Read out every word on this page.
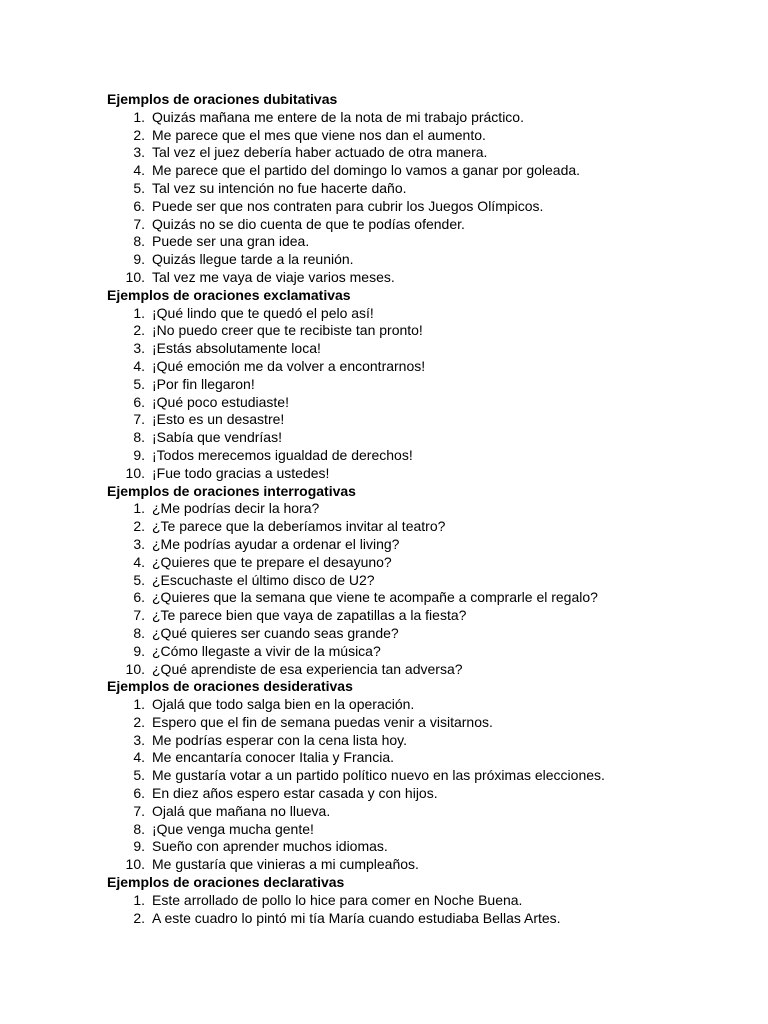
Ejemplos de oraciones dubitativas
1. Quizás mañana me entere de la nota de mi trabajo práctico.
2. Me parece que el mes que viene nos dan el aumento.
3. Tal vez el juez debería haber actuado de otra manera.
4. Me parece que el partido del domingo lo vamos a ganar por goleada.
5. Tal vez su intención no fue hacerte daño.
6. Puede ser que nos contraten para cubrir los Juegos Olímpicos.
7. Quizás no se dio cuenta de que te podías ofender.
8. Puede ser una gran idea.
9. Quizás llegue tarde a la reunión.
10. Tal vez me vaya de viaje varios meses.
Ejemplos de oraciones exclamativas
1. ¡Qué lindo que te quedó el pelo así!
2. ¡No puedo creer que te recibiste tan pronto!
3. ¡Estás absolutamente loca!
4. ¡Qué emoción me da volver a encontrarnos!
5. ¡Por fin llegaron!
6. ¡Qué poco estudiaste!
7. ¡Esto es un desastre!
8. ¡Sabía que vendrías!
9. ¡Todos merecemos igualdad de derechos!
10. ¡Fue todo gracias a ustedes!
Ejemplos de oraciones interrogativas
1. ¿Me podrías decir la hora?
2. ¿Te parece que la deberíamos invitar al teatro?
3. ¿Me podrías ayudar a ordenar el living?
4. ¿Quieres que te prepare el desayuno?
5. ¿Escuchaste el último disco de U2?
6. ¿Quieres que la semana que viene te acompañe a comprarle el regalo?
7. ¿Te parece bien que vaya de zapatillas a la fiesta?
8. ¿Qué quieres ser cuando seas grande?
9. ¿Cómo llegaste a vivir de la música?
10. ¿Qué aprendiste de esa experiencia tan adversa?
Ejemplos de oraciones desiderativas
1. Ojalá que todo salga bien en la operación.
2. Espero que el fin de semana puedas venir a visitarnos.
3. Me podrías esperar con la cena lista hoy.
4. Me encantaría conocer Italia y Francia.
5. Me gustaría votar a un partido político nuevo en las próximas elecciones.
6. En diez años espero estar casada y con hijos.
7. Ojalá que mañana no llueva.
8. ¡Que venga mucha gente!
9. Sueño con aprender muchos idiomas.
10. Me gustaría que vinieras a mi cumpleaños.
Ejemplos de oraciones declarativas
1. Este arrollado de pollo lo hice para comer en Noche Buena.
2. A este cuadro lo pintó mi tía María cuando estudiaba Bellas Artes.
